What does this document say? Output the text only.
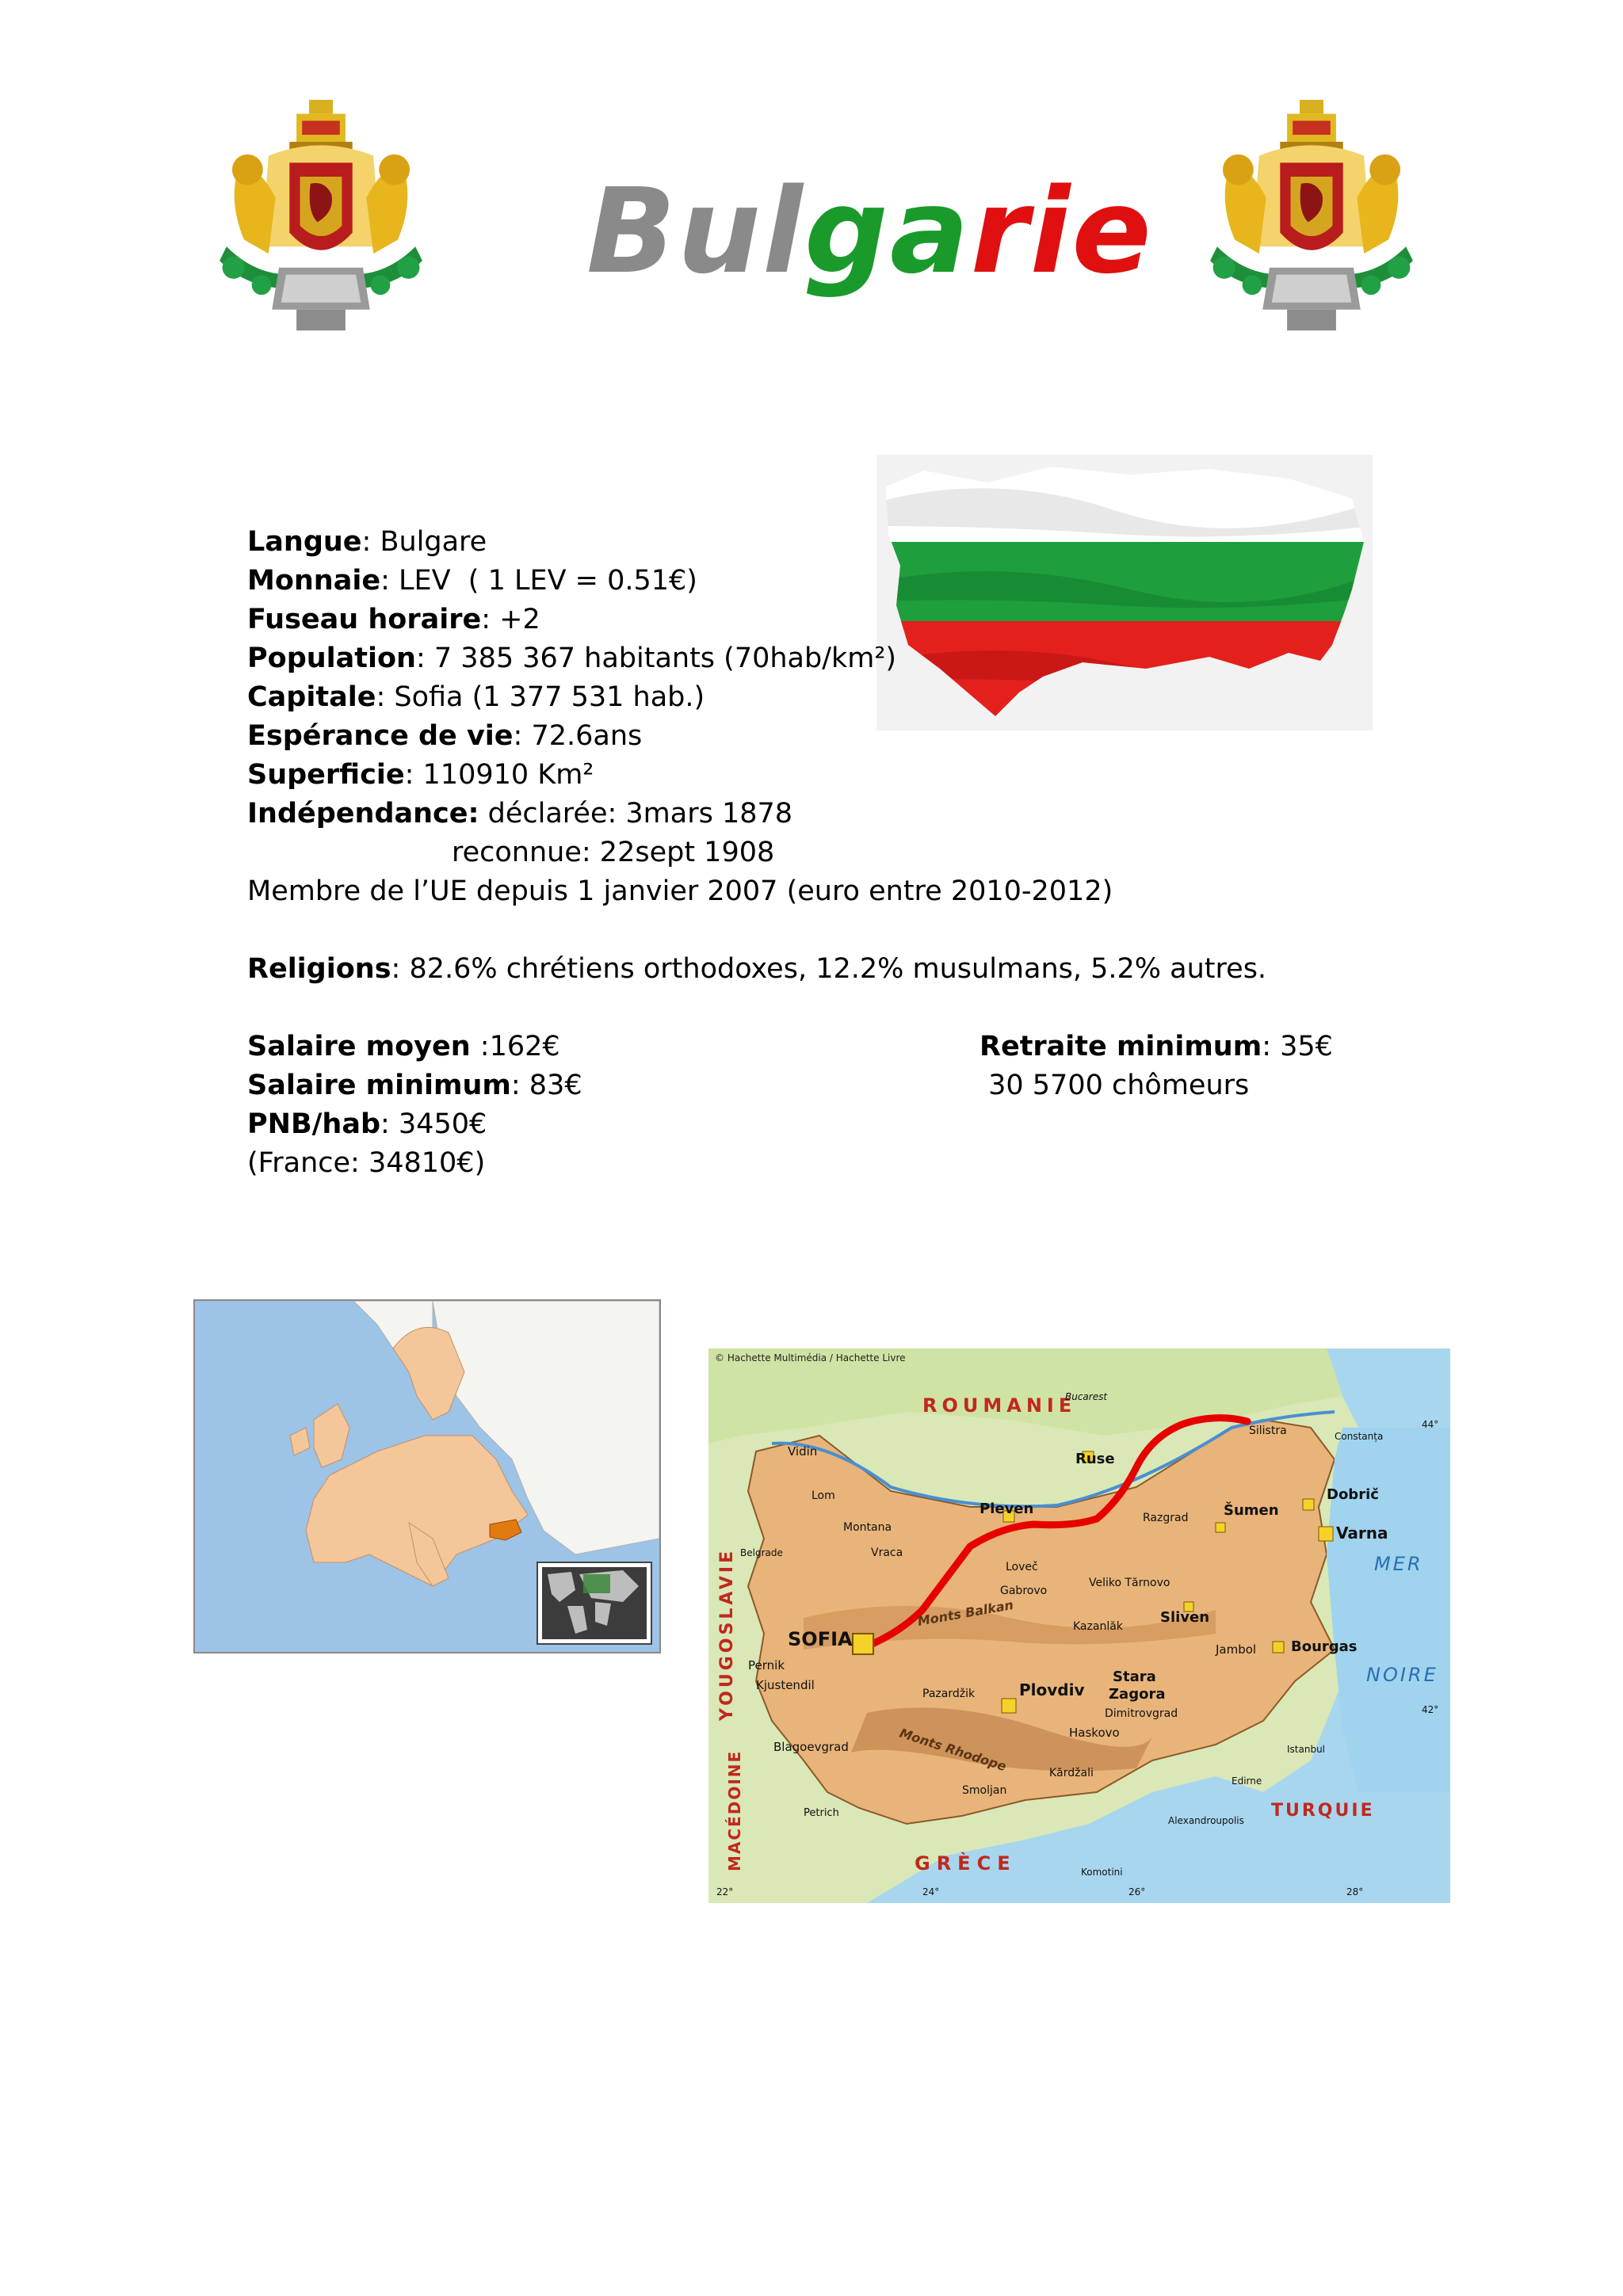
Bulgarie
Langue: Bulgare
Monnaie: LEV  ( 1 LEV = 0.51€)
Fuseau horaire: +2
Population: 7 385 367 habitants (70hab/km²)
Capitale: Sofia (1 377 531 hab.)
Espérance de vie: 72.6ans
Superficie: 110910 Km²
Indépendance: déclarée: 3mars 1878
reconnue: 22sept 1908
Membre de l’UE depuis 1 janvier 2007 (euro entre 2010-2012)
Religions: 82.6% chrétiens orthodoxes, 12.2% musulmans, 5.2% autres.
Salaire moyen :162€
Salaire minimum: 83€
PNB/hab: 3450€
(France: 34810€)
Retraite minimum: 35€
30 5700 chômeurs
© Hachette Multimédia / Hachette Livre
ROUMANIE
YOUGOSLAVIE
MACÉDOINE	GRÈCE
TURQUIE
MER
NOIRE
SOFIA
Plovdiv
Varna
Bourgas
Ruse
Pleven	Šumen
Sliven
Stara
Zagora
Haskovo
Dobrič
Jambol
Pernik
Kjustendil
Blagoevgrad
Vidin
Lom
Montana
Vraca
Loveč
Gabrovo
Veliko Tărnovo
Razgrad
Silistra
Kărdžali
Smoljan
Pazardžik
Kazanlăk
Dimitrovgrad
Petrich
Belgrade
Bucarest
Constanța
Edirne
Istanbul
Komotini
Alexandroupolis
Monts Balkan
Monts Rhodope
22°	24°	26°	28°
44°
42°
